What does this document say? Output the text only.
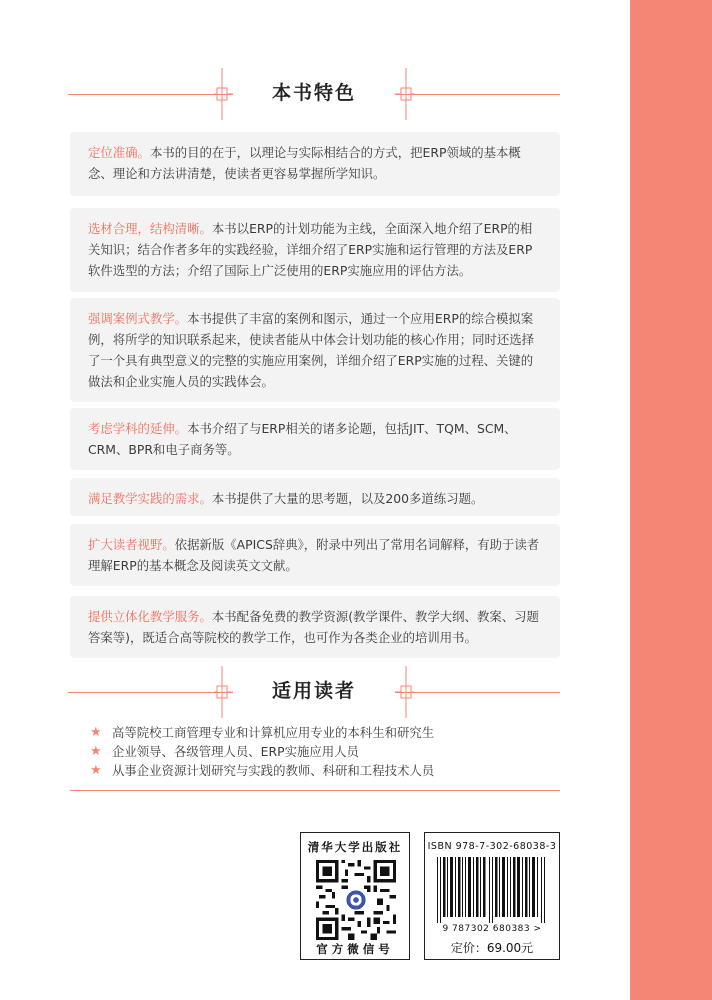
本书特色
定位准确。本书的目的在于，以理论与实际相结合的方式，把ERP领域的基本概念、理论和方法讲清楚，使读者更容易掌握所学知识。
选材合理，结构清晰。本书以ERP的计划功能为主线，全面深入地介绍了ERP的相关知识；结合作者多年的实践经验，详细介绍了ERP实施和运行管理的方法及ERP软件选型的方法；介绍了国际上广泛使用的ERP实施应用的评估方法。
强调案例式教学。本书提供了丰富的案例和图示，通过一个应用ERP的综合模拟案例，将所学的知识联系起来，使读者能从中体会计划功能的核心作用；同时还选择了一个具有典型意义的完整的实施应用案例，详细介绍了ERP实施的过程、关键的做法和企业实施人员的实践体会。
考虑学科的延伸。本书介绍了与ERP相关的诸多论题，包括JIT、TQM、SCM、CRM、BPR和电子商务等。
满足教学实践的需求。本书提供了大量的思考题，以及200多道练习题。
扩大读者视野。依据新版《APICS辞典》，附录中列出了常用名词解释，有助于读者理解ERP的基本概念及阅读英文文献。
提供立体化教学服务。本书配备免费的教学资源(教学课件、教学大纲、教案、习题答案等)，既适合高等院校的教学工作，也可作为各类企业的培训用书。
适用读者
★ 高等院校工商管理专业和计算机应用专业的本科生和研究生
★ 企业领导、各级管理人员、ERP实施应用人员
★ 从事企业资源计划研究与实践的教师、科研和工程技术人员
清华大学出版社
官方微信号
ISBN 978-7-302-68038-3
9 787302 680383 >
定价：69.00元
